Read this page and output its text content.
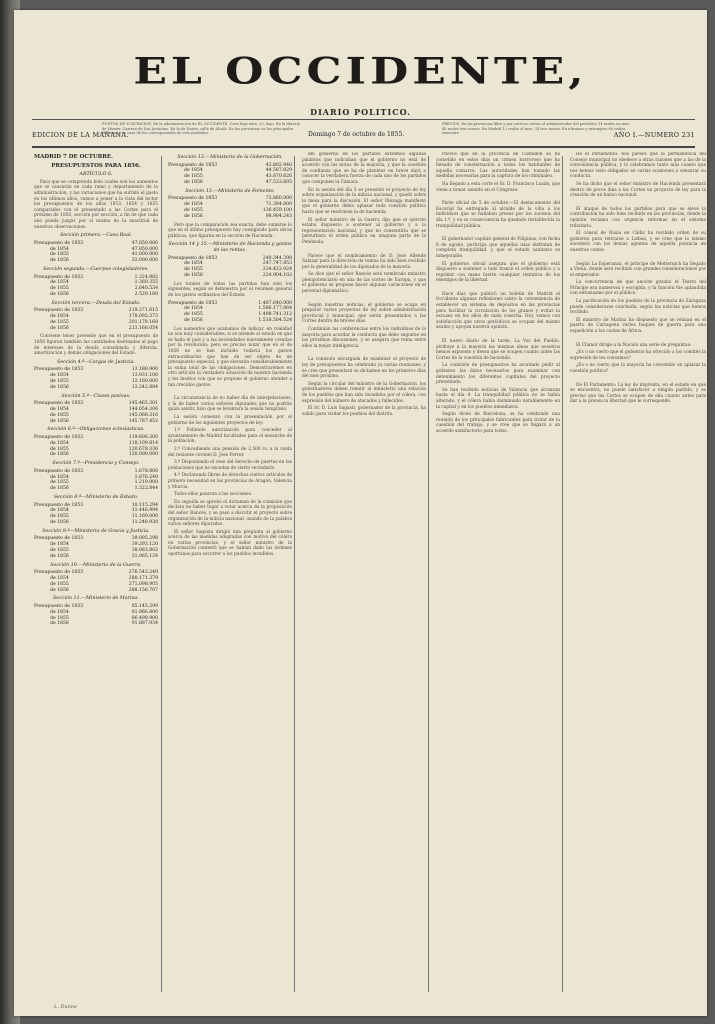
EL OCCIDENTE,
DIARIO POLITICO.
EDICION DE LA MAÑANA.
PUNTOS DE SUSCRICION. En la administración de EL OCCIDENTE, Cava baja núm. 20, bajo. En la librería de Monier, Carrera de San Jerónimo. En la de Durán, calle de Alcalá. En las provincias en las principales librerías y en casa de los corresponsales de este periódico.	Domingo 7 de octubre de 1855.
PRECIOS. En las provincias libre y por correos cuesta al administrador del periódico 14 reales un mes, 40 reales tres meses. En Madrid 12 reales al mes, 34 tres meses. En ultramar y extranjero 60 reales trimestre.	AÑO I.—NUMERO 231
MADRID 7 DE OCTUBRE.
PRESUPUESTOS PARA 1856.
ARTÍCULO 6.

Para que se comprenda bien cuales son los aumentos que se causarán en cada ramo y departamento de la administración, y las variaciones que ha sufrido el gasto en los últimos años, vamos a poner a la vista del lector los presupuestos de los años 1853, 1854 y 1855 comparados con el presentado a las Cortes para el próximo de 1856, sección por sección, a fin de que cada uno pueda juzgar por sí mismo de la exactitud de nuestras observaciones.

Sección primera.—Casa Real.
Presupuesto de 1853	47.850.000
de 1854	47.850.000
de 1855	41.000.000
de 1856	33.000.000
Sección segunda.—Cuerpos colegisladores.
Presupuesto de 1853	1.324.882
de 1854	1.369.355
de 1855	2.640.534
de 1856	2.529.180
Sección tercera.—Deuda del Estado.
Presupuesto de 1853	219.271.615
de 1854	178.092.373
de 1855	201.178.168
de 1856	213.168.054

Conviene tener presente que en el presupuesto de 1856 figuran también las cantidades destinadas al pago de intereses de la deuda consolidada y diferida, amortización y demás obligaciones del Estado.

Sección 4.ª—Cargas de Justicia.
Presupuesto de 1853	13.180.900
de 1854	13.931.100
de 1855	12.160.000
de 1856	13.242.884
Sección 5.ª—Clases pasivas.
Presupuesto de 1853	145.465.301
de 1854	144.654.306
de 1855	145.068.316
de 1856	145.787.452
Sección 6.ª—Obligaciones eclesiásticas.
Presupuesto de 1853	119.606.300
de 1854	118.109.814
de 1855	120.678.336
de 1856	120.000.000
Sección 7.ª—Presidencia y Consejo.
Presupuesto de 1853	1.678.800
de 1854	1.876.240
de 1855	1.219.900
de 1856	1.322.844
Sección 8.ª—Ministerio de Estado.
Presupuesto de 1853	10.115.294
de 1854	11.446.994
de 1855	11.169.000
de 1856	11.248.938
Sección 9.ª—Ministerio de Gracia y Justicia.
Presupuesto de 1853	39.095.298
de 1854	39.293.120
de 1855	38.083.802
de 1856	31.065.134
Sección 10.—Ministerio de la Guerra.
Presupuesto de 1853	276.543.249
de 1854	280.171.379
de 1855	271.098.905
de 1856	288.156.707
Sección 11.—Ministerio de Marina.
Presupuesto de 1853	85.145.299
de 1854	81.966.800
de 1855	86.498.900
de 1856	91.887.934
Sección 12.—Ministerio de la Gobernación.
Presupuesto de 1853	43.802.940
de 1854	44.587.829
de 1855	43.870.626
de 1856	47.533.605
Sección 13.—Ministerio de Fomento.
Presupuesto de 1853	73.860.000
de 1854	71.384.000
de 1855	136.459.100
de 1856	98.904.243

Pero que la comparación sea exacta, debe sumarse lo que en el último presupuesto hay consignado para obras públicas, que figuran en la sección de Hacienda.

Sección 14 y 15.—Ministerio de Hacienda y gastos de las rentas.
Presupuesto de 1853	240.344.398
de 1854	247.747.853
de 1855	234.423.924
de 1856	224.904.102

Los totales de todas las partidas han sido los siguientes, según se demuestra por el resumen general de los gastos ordinarios del Estado:

Presupuesto de 1853	1.487.640.000
de 1854	1.586.177.864
de 1855	1.498.741.312
de 1856	1.518.504.524

Los aumentos que acabamos de indicar, en realidad no son muy considerables, si se atiende al estado en que se halla el país y a las necesidades nuevamente creadas por la revolución; pero es preciso notar que en el de 1856 no se han incluido todavía los gastos extraordinarios que han de ser objeto de un presupuesto especial, y que elevarán considerablemente la suma total de las obligaciones. Demostraremos en otro artículo la verdadera situación de nuestra hacienda y los medios con que se propone el gobierno atender a tan crecidos gastos.

La circunstancia de no haber dia de interpelaciones, y la de haber varios señores diputados que no podrán quizá asistir, hizo que se levantara la sesión temprano.

La sesión comenzó con la presentación por el gobierno de los siguientes proyectos de ley:

1.º Pidiendo autorización para conceder al ayuntamiento de Madrid facultades para el ensanche de la población.

2.º Concediendo una pensión de 2,500 rs. a la viuda del teniente coronel D. José Ferrer.

3.º Disponiendo el cese del derecho de puertas en las poblaciones que no excedan de cierto vecindario.

4.º Declarando libres de derechos ciertos artículos de primera necesidad en las provincias de Aragón, Valencia y Murcia.

Todos ellos pasaron a las secciones.

En seguida se aprobó el dictamen de la comisión que declara no haber lugar a votar acerca de la proposición del señor Rancés, y se pasó a discutir el proyecto sobre organización de la milicia nacional, usando de la palabra varios señores diputados.

El señor Sagasta dirigió una pregunta al gobierno acerca de las medidas adoptadas con motivo del cólera en varias provincias, y el señor ministro de la Gobernación contestó que se habían dado las órdenes oportunas para socorrer a los pueblos invadidos.

del gobierno en los partidos extremos algunas palabras que indicaban que el gobierno no está de acuerdo con las miras de la mayoría, y que la cuestión de confianza que se ha de plantear en breve dará a conocer la verdadera fuerza de cada uno de los partidos que componen la Cámara.

En la sesión del día 5 se presentó el proyecto de ley sobre organización de la milicia nacional, y quedó sobre la mesa para la discusión. El señor Olózaga manifestó que el gobierno debía aplazar toda cuestión política hasta que se resolviese la de hacienda.

El señor ministro de la Guerra dijo que el ejército estaba dispuesto a sostener al gobierno y a la representación nacional, y que no consentiría que se perturbara el orden público en ninguna parte de la Península.

Parece que el nombramiento de D. José Allende Salazar para la dirección de rentas ha sido bien recibido por la generalidad de los diputados de la mayoría.

Se dice que el señor Rancés será nombrado ministro plenipotenciario en una de las cortes de Europa, y que el gobierno se propone hacer algunas variaciones en el personal diplomático.

Según nuestras noticias, el gobierno se ocupa en preparar varios proyectos de ley sobre administración provincial y municipal, que serán presentados a las Cortes dentro de breves días.

Continúan las conferencias entre los individuos de la mayoría para acordar la conducta que debe seguirse en las próximas discusiones, y se asegura que reina entre ellos la mejor inteligencia.

La comisión encargada de examinar el proyecto de ley de presupuestos ha celebrado ya varias reuniones, y se cree que presentará su dictamen en los primeros días del mes próximo.

Según la circular del ministro de la Gobernación, los gobernadores deben remitir al ministerio una relación de los pueblos que han sido invadidos por el cólera, con expresión del número de atacados y fallecidos.

El Sr. D. Luis Sagasti, gobernador de la provincia, ha salido para visitar los pueblos del distrito.

Parece que en la provincia de Castellón se ha cometido en estos días un crimen horroroso que ha llenado de consternación a todos los habitantes de aquella comarca. Las autoridades han tomado las medidas necesarias para la captura de los criminales.

Ha llegado a esta corte el Sr. D. Francisco Luxán, que viene a tomar asiento en el Congreso.

Parte oficial de 5 de octubre.—El destacamento del Escorial ha entregado al alcalde de la villa a los individuos que se hallaban presos por los sucesos del día 1.º, y en su consecuencia ha quedado restablecida la tranquilidad pública.

El gobernador capitán general de Filipinas, con fecha 8 de agosto, participa que aquellas islas disfrutan de completa tranquilidad, y que el estado sanitario es inmejorable.

El gobierno oficial asegura que el gobierno está dispuesto a sostener a todo trance el orden público y a reprimir con mano fuerte cualquier tentativa de los enemigos de la libertad.

Hace días que publicó un boletín de Madrid el Occidente algunas reflexiones sobre la conveniencia de establecer un sistema de depósitos en las provincias para facilitar la circulación de los granos y evitar la escasez en los años de mala cosecha. Hoy vemos con satisfacción que otros periódicos se ocupan del mismo asunto y apoyan nuestra opinión.

El nuevo diario de la tarde, La Voz del Pueblo, atribuye a la mayoría las mismas ideas que nosotros hemos expuesto y desea que se ocupen cuanto antes las Cortes de la cuestión de hacienda.

La comisión de presupuestos ha acordado pedir al gobierno los datos necesarios para examinar con detenimiento los diferentes capítulos del proyecto presentado.

Se han recibido noticias de Valencia que alcanzan hasta el día 4. La tranquilidad pública no se había alterado, y el cólera había disminuido notablemente en la capital y en los pueblos inmediatos.

Según dicen de Barcelona, se ha celebrado una reunión de los principales fabricantes para tratar de la cuestión del trabajo, y se cree que se llegará a un acuerdo satisfactorio para todos.

De el Parlamento: nos parece que la permanencia del Consejo municipal no obedece a otras razones que a las de la conveniencia pública, y lo celebramos tanto más cuanto que nos hemos visto obligados en varias ocasiones a censurar su conducta.

Se ha dicho que el señor ministro de Hacienda presentará dentro de pocos días a las Cortes un proyecto de ley para la creación de un banco nacional.

El ataque de todos los partidos para que se eleve la contribución ha sido bien recibido en las provincias, donde la opinión reclama con urgencia reformas en el sistema tributario.

El cónsul de Rusia en Cádiz ha recibido orden de su gobierno para retirarse a Lisboa, y se cree que lo mismo sucederá con los demás agentes de aquella potencia en nuestras costas.

Según La Esperanza, el príncipe de Metternich ha llegado a Viena, donde será recibido con grandes consideraciones por el emperador.

La concurrencia de que anoche gozaba el Teatro del Príncipe era numerosa y escogida, y la función fue aplaudida con entusiasmo por el público.

La pacificación de los pueblos de la provincia de Zaragoza puede considerarse concluida, según las noticias que hemos recibido.

El ministro de Marina ha dispuesto que se reúnan en el puerto de Cartagena varios buques de guerra para una expedición a las costas de África.

El Clamor dirige a la Nación una serie de preguntas:

¿Es o no cierto que el gobierno ha ofrecido a los comités la supresión de los consumos?

¿Es o no cierto que la mayoría ha convenido en aplazar la cuestión política?

De El Parlamento: La ley de imprenta, en el estado en que se encuentra, no puede satisfacer a ningún partido, y es preciso que las Cortes se ocupen de ella cuanto antes para dar a la prensa la libertad que le corresponde.

L. Dunne
